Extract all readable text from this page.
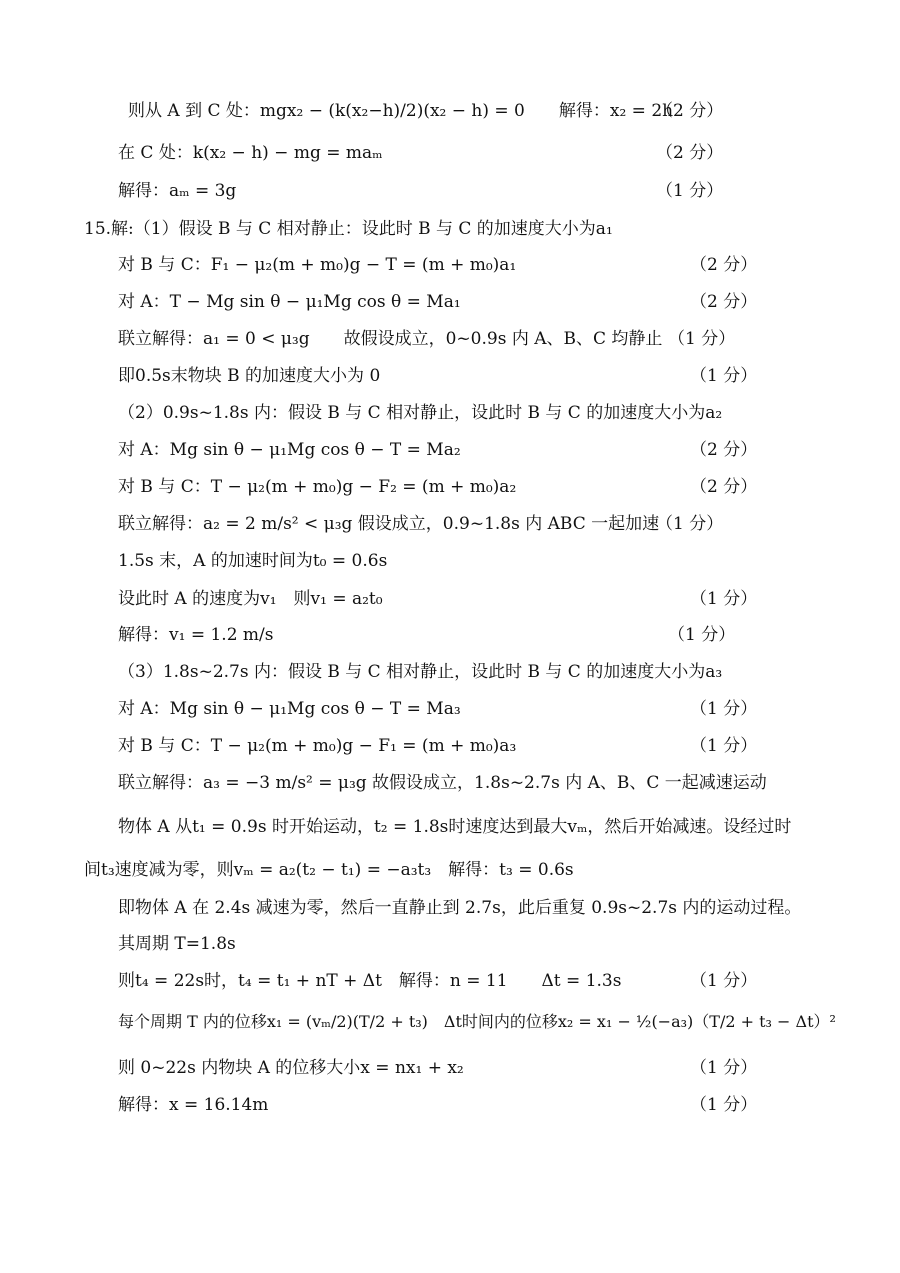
则从 A 到 C 处：mgx₂ − (k(x₂−h)/2)(x₂ − h) = 0　　解得：x₂ = 2h
（2 分）
在 C 处：k(x₂ − h) − mg = maₘ	（2 分）
解得：aₘ = 3g	（1 分）
15.解:（1）假设 B 与 C 相对静止：设此时 B 与 C 的加速度大小为a₁
对 B 与 C：F₁ − μ₂(m + m₀)g − T = (m + m₀)a₁	（2 分）
对 A：T − Mg sin θ − μ₁Mg cos θ = Ma₁	（2 分）
联立解得：a₁ = 0 < μ₃g　　故假设成立，0~0.9s 内 A、B、C 均静止 （1 分）
即0.5s末物块 B 的加速度大小为 0	（1 分）
（2）0.9s~1.8s 内：假设 B 与 C 相对静止，设此时 B 与 C 的加速度大小为a₂
对 A：Mg sin θ − μ₁Mg cos θ − T = Ma₂	（2 分）
对 B 与 C：T − μ₂(m + m₀)g − F₂ = (m + m₀)a₂	（2 分）
联立解得：a₂ = 2 m/s² < μ₃g 假设成立，0.9~1.8s 内 ABC 一起加速
（1 分）
1.5s 末，A 的加速时间为t₀ = 0.6s
设此时 A 的速度为v₁　则v₁ = a₂t₀	（1 分）
解得：v₁ = 1.2 m/s	（1 分）
（3）1.8s~2.7s 内：假设 B 与 C 相对静止，设此时 B 与 C 的加速度大小为a₃
对 A：Mg sin θ − μ₁Mg cos θ − T = Ma₃	（1 分）
对 B 与 C：T − μ₂(m + m₀)g − F₁ = (m + m₀)a₃	（1 分）
联立解得：a₃ = −3 m/s² = μ₃g 故假设成立，1.8s~2.7s 内 A、B、C 一起减速运动
物体 A 从t₁ = 0.9s 时开始运动，t₂ = 1.8s时速度达到最大vₘ，然后开始减速。设经过时
间t₃速度减为零，则vₘ = a₂(t₂ − t₁) = −a₃t₃　解得：t₃ = 0.6s
即物体 A 在 2.4s 减速为零，然后一直静止到 2.7s，此后重复 0.9s~2.7s 内的运动过程。
其周期 T=1.8s
则t₄ = 22s时，t₄ = t₁ + nT + Δt　解得：n = 11　　Δt = 1.3s	（1 分）
每个周期 T 内的位移x₁ = (vₘ/2)(T/2 + t₃)　Δt时间内的位移x₂ = x₁ − ½(−a₃)（T/2 + t₃ − Δt）²
则 0~22s 内物块 A 的位移大小x = nx₁ + x₂	（1 分）
解得：x = 16.14m	（1 分）
